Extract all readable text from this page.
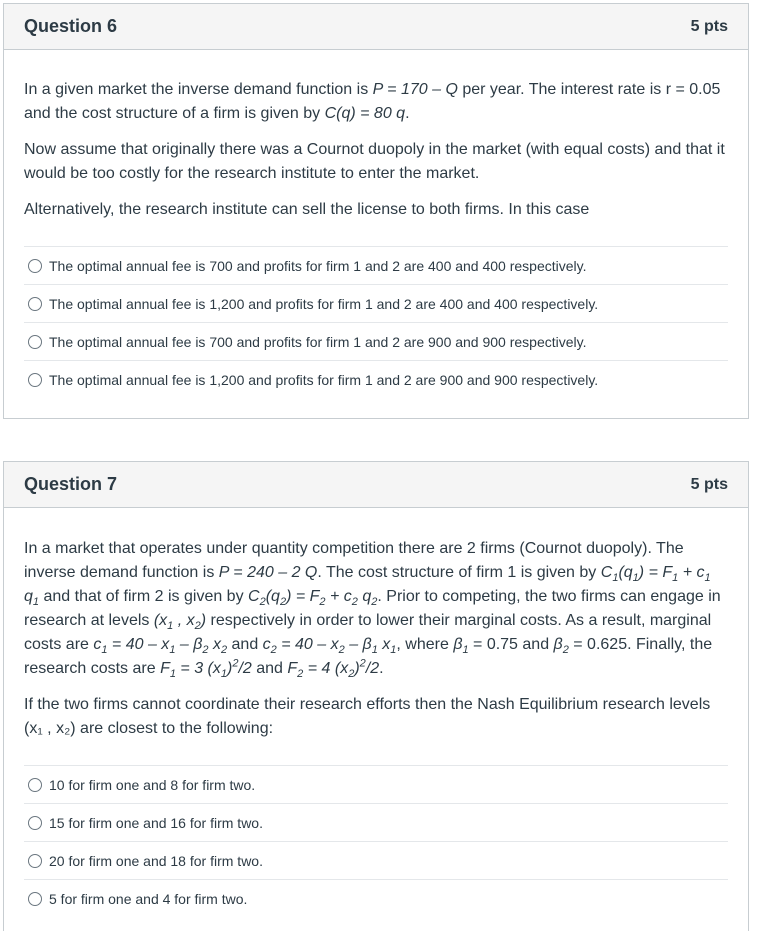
Question 6	5 pts

In a given market the inverse demand function is P = 170 – Q per year. The interest rate is r = 0.05 and the cost structure of a firm is given by C(q) = 80 q.

Now assume that originally there was a Cournot duopoly in the market (with equal costs) and that it would be too costly for the research institute to enter the market.

Alternatively, the research institute can sell the license to both firms. In this case

The optimal annual fee is 700 and profits for firm 1 and 2 are 400 and 400 respectively.
The optimal annual fee is 1,200 and profits for firm 1 and 2 are 400 and 400 respectively.
The optimal annual fee is 700 and profits for firm 1 and 2 are 900 and 900 respectively.
The optimal annual fee is 1,200 and profits for firm 1 and 2 are 900 and 900 respectively.
Question 7	5 pts

In a market that operates under quantity competition there are 2 firms (Cournot duopoly). The inverse demand function is P = 240 – 2 Q. The cost structure of firm 1 is given by $C_1(q_1) = F_1 + c_1$ $q_1$ and that of firm 2 is given by $C_2(q_2) = F_2 + c_2$ $q_2$. Prior to competing, the two firms can engage in research at levels ($x_1$ , $x_2$) respectively in order to lower their marginal costs. As a result, marginal costs are $c_1 = 40 - x_1 - \beta_2$ $x_2$ and $c_2 = 40 - x_2 - \beta_1$ $x_1$, where $\beta_1 = 0.75$ and $\beta_2 = 0.625$. Finally, the research costs are $F_1 = 3$ $(x_1)^2/2$ and $F_2 = 4$ $(x_2)^2/2$.

If the two firms cannot coordinate their research efforts then the Nash Equilibrium research levels (x₁ , x₂) are closest to the following:

10 for firm one and 8 for firm two.
15 for firm one and 16 for firm two.
20 for firm one and 18 for firm two.
5 for firm one and 4 for firm two.
